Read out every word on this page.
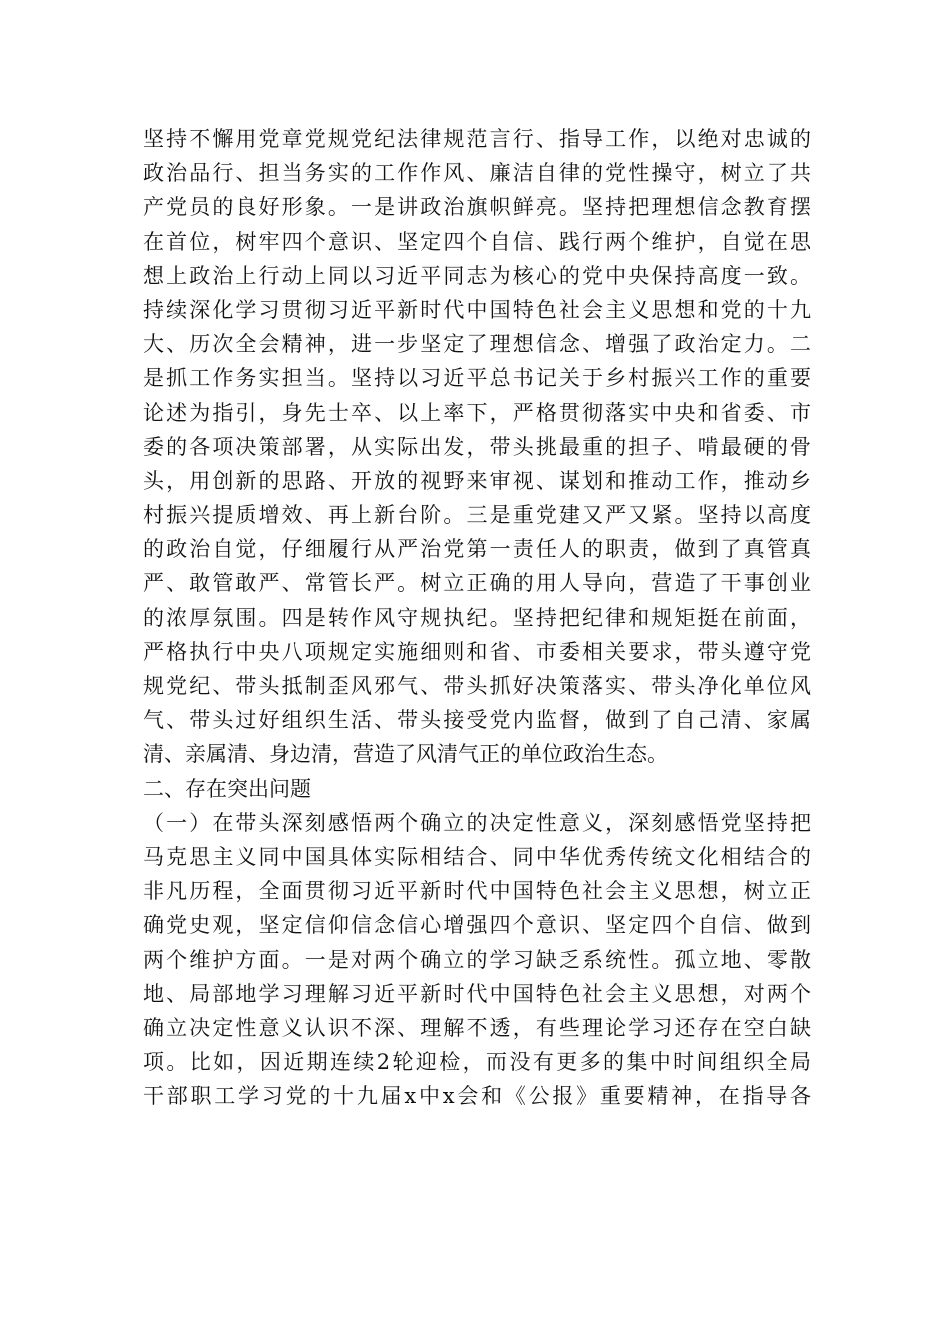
坚持不懈用党章党规党纪法律规范言行、指导工作，以绝对忠诚的
政治品行、担当务实的工作作风、廉洁自律的党性操守，树立了共
产党员的良好形象。一是讲政治旗帜鲜亮。坚持把理想信念教育摆
在首位，树牢四个意识、坚定四个自信、践行两个维护，自觉在思
想上政治上行动上同以习近平同志为核心的党中央保持高度一致。
持续深化学习贯彻习近平新时代中国特色社会主义思想和党的十九
大、历次全会精神，进一步坚定了理想信念、增强了政治定力。二
是抓工作务实担当。坚持以习近平总书记关于乡村振兴工作的重要
论述为指引，身先士卒、以上率下，严格贯彻落实中央和省委、市
委的各项决策部署，从实际出发，带头挑最重的担子、啃最硬的骨
头，用创新的思路、开放的视野来审视、谋划和推动工作，推动乡
村振兴提质增效、再上新台阶。三是重党建又严又紧。坚持以高度
的政治自觉，仔细履行从严治党第一责任人的职责，做到了真管真
严、敢管敢严、常管长严。树立正确的用人导向，营造了干事创业
的浓厚氛围。四是转作风守规执纪。坚持把纪律和规矩挺在前面，
严格执行中央八项规定实施细则和省、市委相关要求，带头遵守党
规党纪、带头抵制歪风邪气、带头抓好决策落实、带头净化单位风
气、带头过好组织生活、带头接受党内监督，做到了自己清、家属
清、亲属清、身边清，营造了风清气正的单位政治生态。
二、存在突出问题
（一）在带头深刻感悟两个确立的决定性意义，深刻感悟党坚持把
马克思主义同中国具体实际相结合、同中华优秀传统文化相结合的
非凡历程，全面贯彻习近平新时代中国特色社会主义思想，树立正
确党史观，坚定信仰信念信心增强四个意识、坚定四个自信、做到
两个维护方面。一是对两个确立的学习缺乏系统性。孤立地、零散
地、局部地学习理解习近平新时代中国特色社会主义思想，对两个
确立决定性意义认识不深、理解不透，有些理论学习还存在空白缺
项。比如，因近期连续2轮迎检，而没有更多的集中时间组织全局
干部职工学习党的十九届x中x会和《公报》重要精神，在指导各
